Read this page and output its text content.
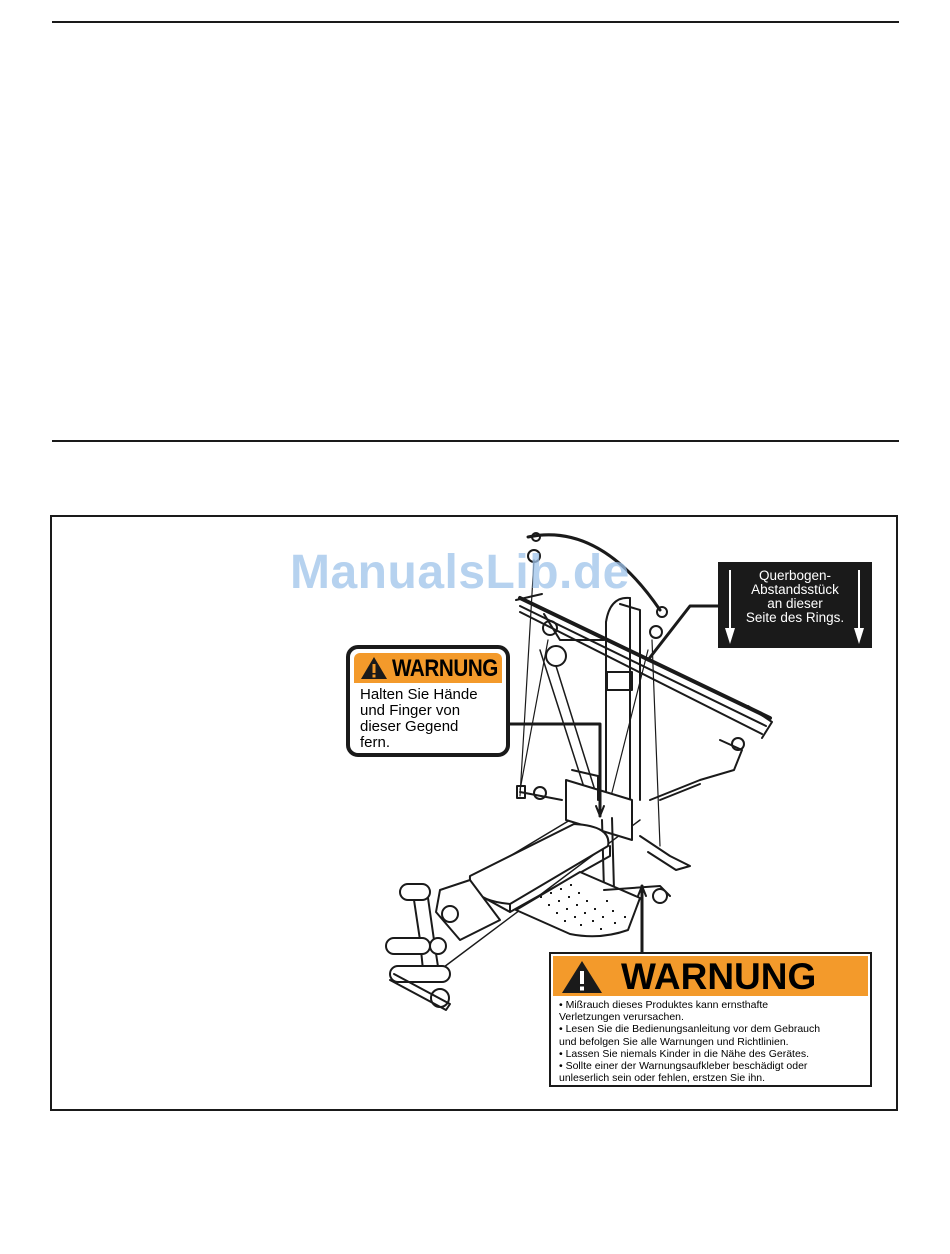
ManualsLib.de
WARNUNG
Halten Sie Hände
und Finger von
dieser Gegend
fern.
Querbogen-
Abstandsstück
an dieser
Seite des Rings.
WARNUNG
• Mißrauch dieses Produktes kann ernsthafte
Verletzungen verursachen.
• Lesen Sie die Bedienungsanleitung vor dem Gebrauch
und befolgen Sie alle Warnungen und Richtlinien.
• Lassen Sie niemals Kinder in die Nähe des Gerätes.
• Sollte einer der Warnungsaufkleber beschädigt oder
unleserlich sein oder fehlen, erstzen Sie ihn.
